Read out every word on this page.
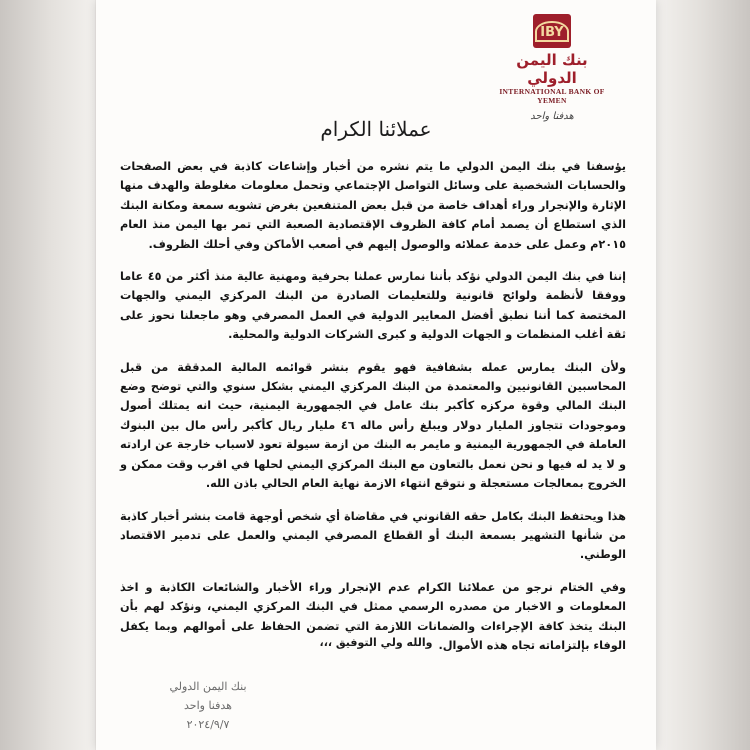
IBY
بنك اليمن الدولي
INTERNATIONAL BANK OF YEMEN
هدفنا واحد
عملائنا الكرام

يؤسفنا في بنك اليمن الدولي ما يتم نشره من أخبار وإشاعات كاذبة في بعض الصفحات والحسابات الشخصية على وسائل التواصل الإجتماعي وتحمل معلومات مغلوطة والهدف منها الإثارة والإنجرار وراء أهداف خاصة من قبل بعض المتنفعين بغرض تشويه سمعة ومكانة البنك الذي استطاع أن يصمد أمام كافة الظروف الإقتصادية الصعبة التي تمر بها اليمن منذ العام ٢٠١٥م وعمل على خدمة عملائه والوصول إليهم في أصعب الأماكن وفي أحلك الظروف.

إننا في بنك اليمن الدولي نؤكد بأننا نمارس عملنا بحرفية ومهنية عالية منذ أكثر من ٤٥ عاما ووفقا لأنظمة ولوائح قانونية وللتعليمات الصادرة من البنك المركزي اليمني والجهات المختصة كما أننا نطبق أفضل المعايير الدولية في العمل المصرفي وهو ماجعلنا نحوز على ثقة أغلب المنظمات و الجهات الدولية و كبرى الشركات الدولية والمحلية.

ولأن البنك يمارس عمله بشفافية فهو يقوم بنشر قوائمه المالية المدققة من قبل المحاسبين القانونيين والمعتمدة من البنك المركزي اليمني بشكل سنوي والتي توضح وضع البنك المالي وقوة مركزه كأكبر بنك عامل في الجمهورية اليمنية، حيث انه يمتلك أصول وموجودات تتجاوز المليار دولار ويبلغ رأس ماله ٤٦ مليار ريال كأكبر رأس مال بين البنوك العاملة في الجمهورية اليمنية و مايمر به البنك من ازمة سيولة تعود لاسباب خارجة عن ارادته و لا يد له فيها و نحن نعمل بالتعاون مع البنك المركزي اليمني لحلها في اقرب وقت ممكن و الخروج بمعالجات مستعجلة و نتوقع انتهاء الازمة نهاية العام الحالي باذن الله.

هذا ويحتفظ البنك بكامل حقه القانوني في مقاضاة أي شخص أوجهة قامت بنشر أخبار كاذبة من شأنها التشهير بسمعة البنك أو القطاع المصرفي اليمني والعمل على تدمير الاقتصاد الوطني.

وفي الختام نرجو من عملائنا الكرام عدم الإنجرار وراء الأخبار والشائعات الكاذبة و اخذ المعلومات و الاخبار من مصدره الرسمي ممثل في البنك المركزي اليمني، ونؤكد لهم بأن البنك يتخذ كافة الإجراءات والضمانات اللازمة التي تضمن الحفاظ على أموالهم وبما يكفل الوفاء بإلتزاماته تجاه هذه الأموال.

والله ولي التوفيق ،،،
بنك اليمن الدولي
هدفنا واحد
٢٠٢٤/٩/٧
